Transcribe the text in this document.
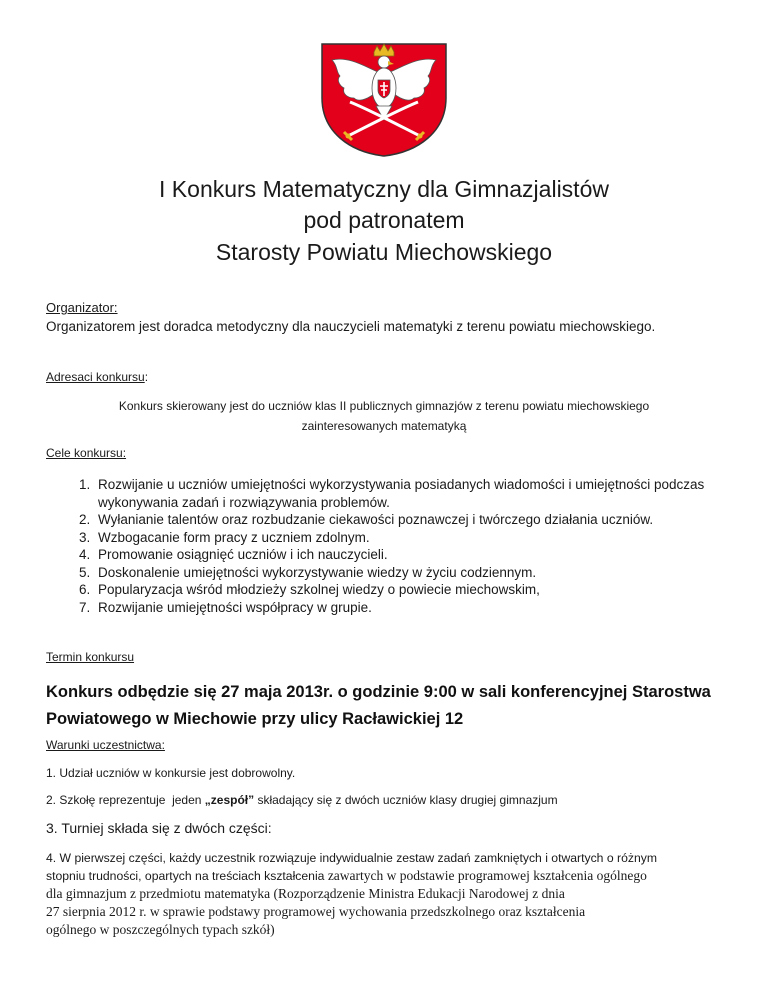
I Konkurs Matematyczny dla Gimnazjalistów
pod patronatem
Starosty Powiatu Miechowskiego
Organizator:
Organizatorem jest doradca metodyczny dla nauczycieli matematyki z terenu powiatu miechowskiego.
Adresaci konkursu:
Konkurs skierowany jest do uczniów klas II publicznych gimnazjów z terenu powiatu miechowskiego
zainteresowanych matematyką
Cele konkursu:
1. Rozwijanie u uczniów umiejętności wykorzystywania posiadanych wiadomości i umiejętności podczas wykonywania zadań i rozwiązywania problemów.
2. Wyłanianie talentów oraz rozbudzanie ciekawości poznawczej i twórczego działania uczniów.
3. Wzbogacanie form pracy z uczniem zdolnym.
4. Promowanie osiągnięć uczniów i ich nauczycieli.
5. Doskonalenie umiejętności wykorzystywanie wiedzy w życiu codziennym.
6. Popularyzacja wśród młodzieży szkolnej wiedzy o powiecie miechowskim,
7. Rozwijanie umiejętności współpracy w grupie.
Termin konkursu
Konkurs odbędzie się 27 maja 2013r. o godzinie 9:00 w sali konferencyjnej Starostwa
Powiatowego w Miechowie przy ulicy Racławickiej 12
Warunki uczestnictwa:
1. Udział uczniów w konkursie jest dobrowolny.
2. Szkołę reprezentuje  jeden „zespół” składający się z dwóch uczniów klasy drugiej gimnazjum
3. Turniej składa się z dwóch części:
4. W pierwszej części, każdy uczestnik rozwiązuje indywidualnie zestaw zadań zamkniętych i otwartych o różnym
stopniu trudności, opartych na treściach kształcenia zawartych w podstawie programowej kształcenia ogólnego
dla gimnazjum z przedmiotu matematyka (Rozporządzenie Ministra Edukacji Narodowej z dnia
27 sierpnia 2012 r. w sprawie podstawy programowej wychowania przedszkolnego oraz kształcenia
ogólnego w poszczególnych typach szkół)
